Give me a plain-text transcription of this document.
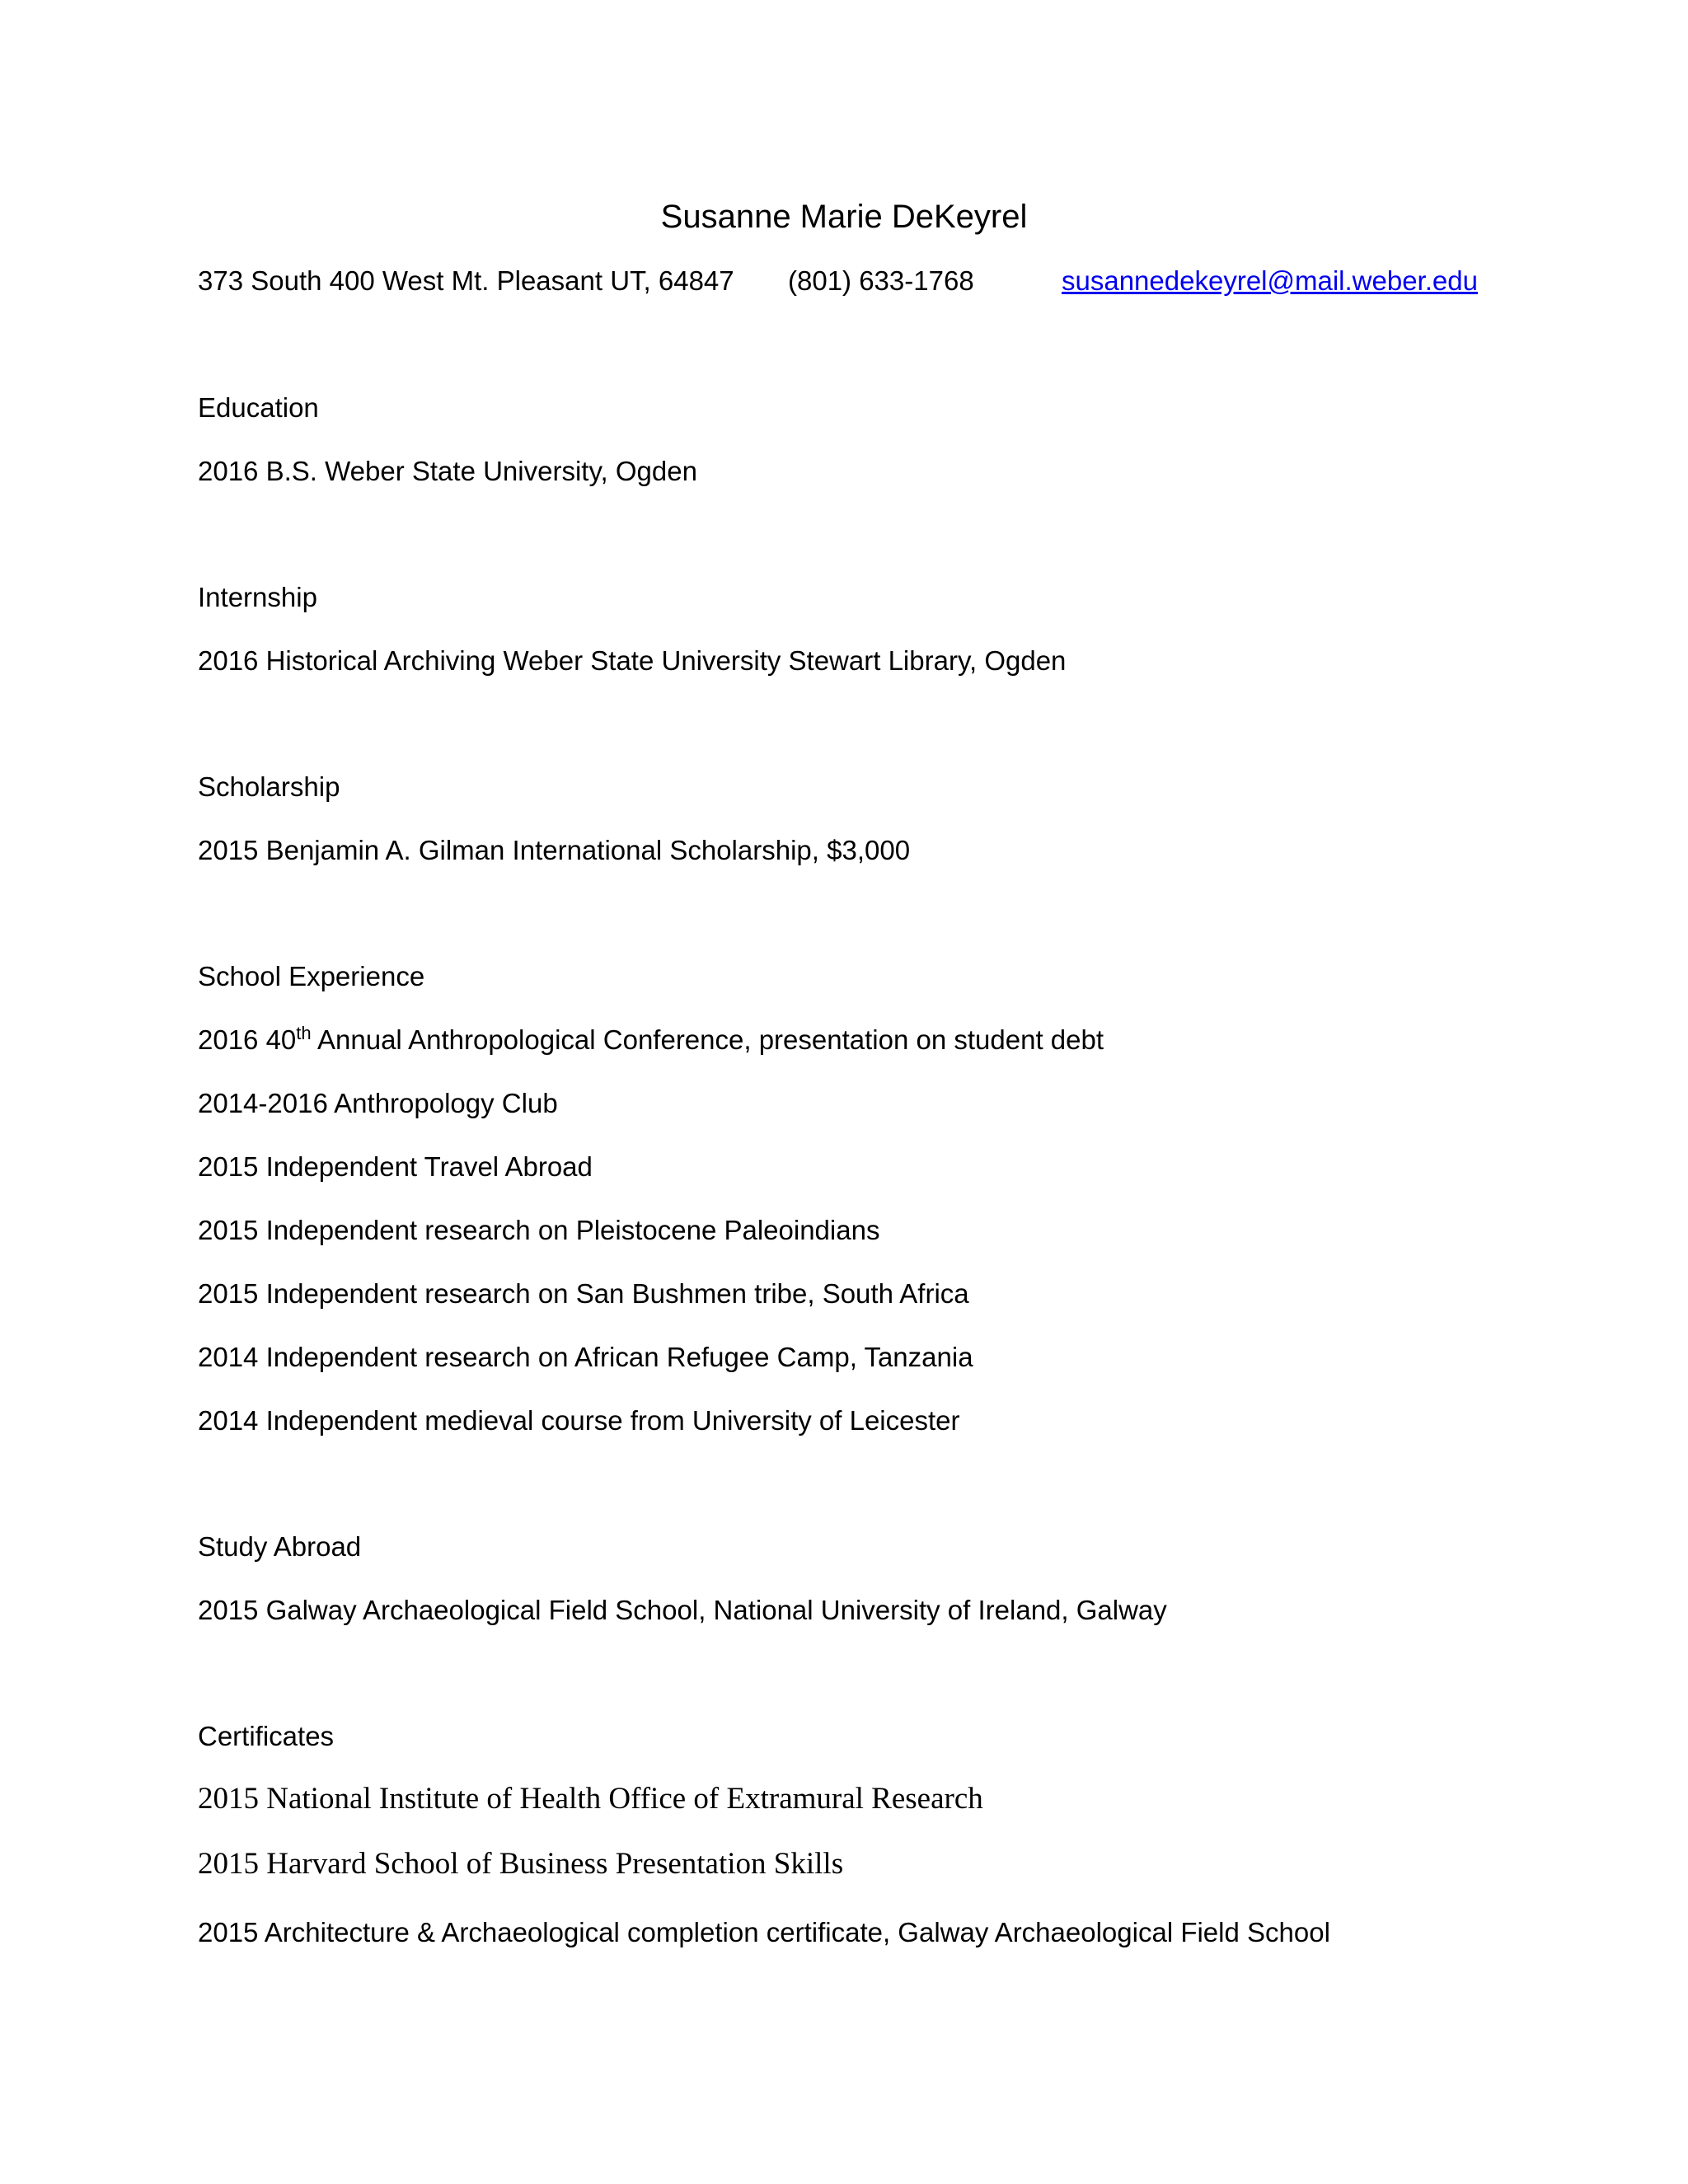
Susanne Marie DeKeyrel
373 South 400 West Mt. Pleasant UT, 64847 (801) 633-1768	susannedekeyrel@mail.weber.edu
Education
2016 B.S. Weber State University, Ogden
Internship
2016 Historical Archiving Weber State University Stewart Library, Ogden
Scholarship
2015 Benjamin A. Gilman International Scholarship, $3,000
School Experience
2016 40th Annual Anthropological Conference, presentation on student debt
2014-2016 Anthropology Club
2015 Independent Travel Abroad
2015 Independent research on Pleistocene Paleoindians
2015 Independent research on San Bushmen tribe, South Africa
2014 Independent research on African Refugee Camp, Tanzania
2014 Independent medieval course from University of Leicester
Study Abroad
2015 Galway Archaeological Field School, National University of Ireland, Galway
Certificates
2015 National Institute of Health Office of Extramural Research
2015 Harvard School of Business Presentation Skills
2015 Architecture & Archaeological completion certificate, Galway Archaeological Field School
